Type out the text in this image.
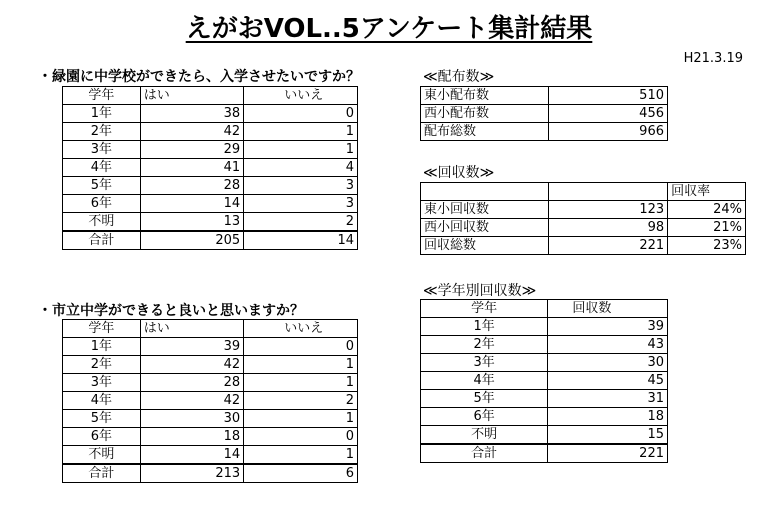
えがおVOL..5アンケート集計結果
H21.3.19
・緑園に中学校ができたら、入学させたいですか？
学年	はい	いいえ
1年	38	0
2年	42	1
3年	29	1
4年	41	4
5年	28	3
6年	14	3
不明	13	2
合計	205	14
・市立中学ができると良いと思いますか？
学年	はい	いいえ
1年	39	0
2年	42	1
3年	28	1
4年	42	2
5年	30	1
6年	18	0
不明	14	1
合計	213	6
≪配布数≫
東小配布数	510
西小配布数	456
配布総数	966
≪回収数≫
		回収率
東小回収数	123	24%
西小回収数	98	21%
回収総数	221	23%
≪学年別回収数≫
学年	回収数
1年	39
2年	43
3年	30
4年	45
5年	31
6年	18
不明	15
合計	221
